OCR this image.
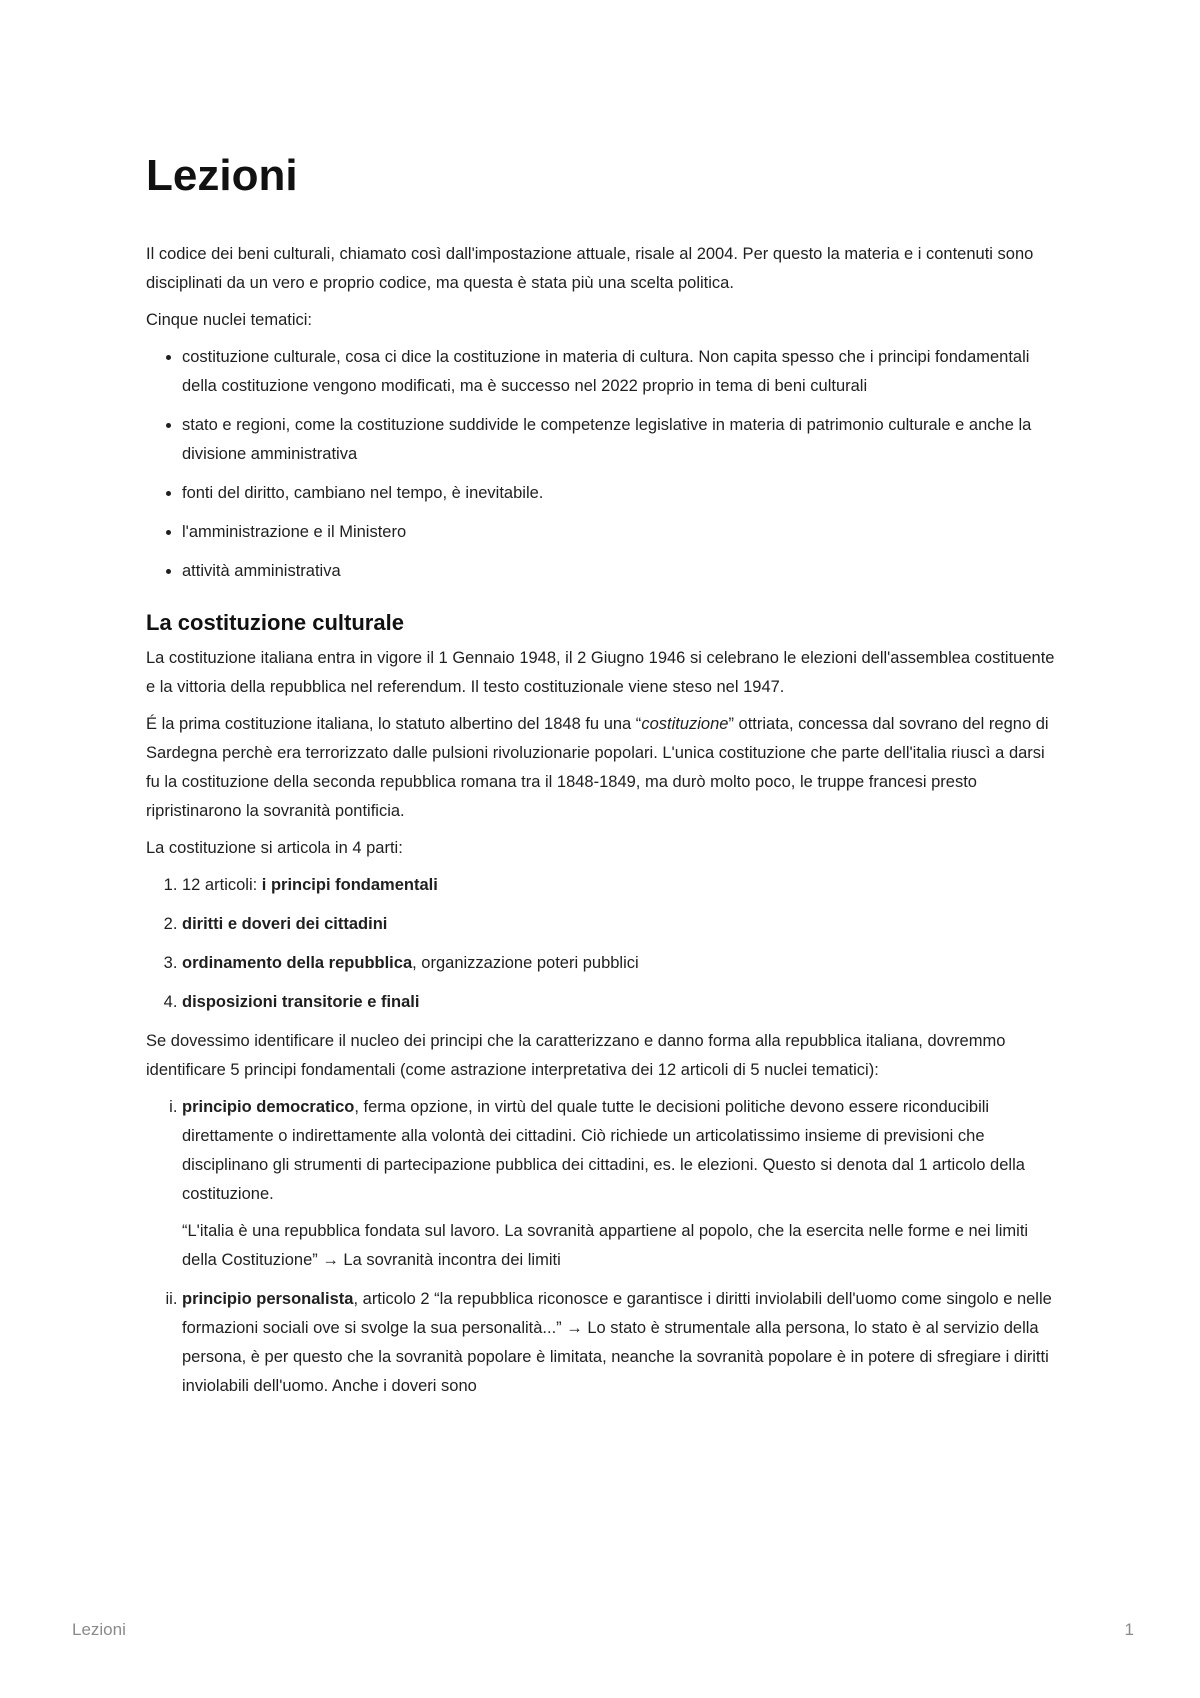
Lezioni

Il codice dei beni culturali, chiamato così dall'impostazione attuale, risale al 2004. Per questo la materia e i contenuti sono disciplinati da un vero e proprio codice, ma questa è stata più una scelta politica.

Cinque nuclei tematici:

• costituzione culturale, cosa ci dice la costituzione in materia di cultura. Non capita spesso che i principi fondamentali della costituzione vengono modificati, ma è successo nel 2022 proprio in tema di beni culturali
• stato e regioni, come la costituzione suddivide le competenze legislative in materia di patrimonio culturale e anche la divisione amministrativa
• fonti del diritto, cambiano nel tempo, è inevitabile.
• l'amministrazione e il Ministero
• attività amministrativa
La costituzione culturale

La costituzione italiana entra in vigore il 1 Gennaio 1948, il 2 Giugno 1946 si celebrano le elezioni dell'assemblea costituente e la vittoria della repubblica nel referendum. Il testo costituzionale viene steso nel 1947.

É la prima costituzione italiana, lo statuto albertino del 1848 fu una “costituzione” ottriata, concessa dal sovrano del regno di Sardegna perchè era terrorizzato dalle pulsioni rivoluzionarie popolari. L'unica costituzione che parte dell'italia riuscì a darsi fu la costituzione della seconda repubblica romana tra il 1848-1849, ma durò molto poco, le truppe francesi presto ripristinarono la sovranità pontificia.

La costituzione si articola in 4 parti:

1. 12 articoli: i principi fondamentali
2. diritti e doveri dei cittadini
3. ordinamento della repubblica, organizzazione poteri pubblici
4. disposizioni transitorie e finali

Se dovessimo identificare il nucleo dei principi che la caratterizzano e danno forma alla repubblica italiana, dovremmo identificare 5 principi fondamentali (come astrazione interpretativa dei 12 articoli di 5 nuclei tematici):

i. principio democratico, ferma opzione, in virtù del quale tutte le decisioni politiche devono essere riconducibili direttamente o indirettamente alla volontà dei cittadini. Ciò richiede un articolatissimo insieme di previsioni che disciplinano gli strumenti di partecipazione pubblica dei cittadini, es. le elezioni. Questo si denota dal 1 articolo della costituzione.
“L'italia è una repubblica fondata sul lavoro. La sovranità appartiene al popolo, che la esercita nelle forme e nei limiti della Costituzione” → La sovranità incontra dei limiti
ii. principio personalista, articolo 2 “la repubblica riconosce e garantisce i diritti inviolabili dell'uomo come singolo e nelle formazioni sociali ove si svolge la sua personalità...” → Lo stato è strumentale alla persona, lo stato è al servizio della persona, è per questo che la sovranità popolare è limitata, neanche la sovranità popolare è in potere di sfregiare i diritti inviolabili dell'uomo. Anche i doveri sono
Lezioni	1
